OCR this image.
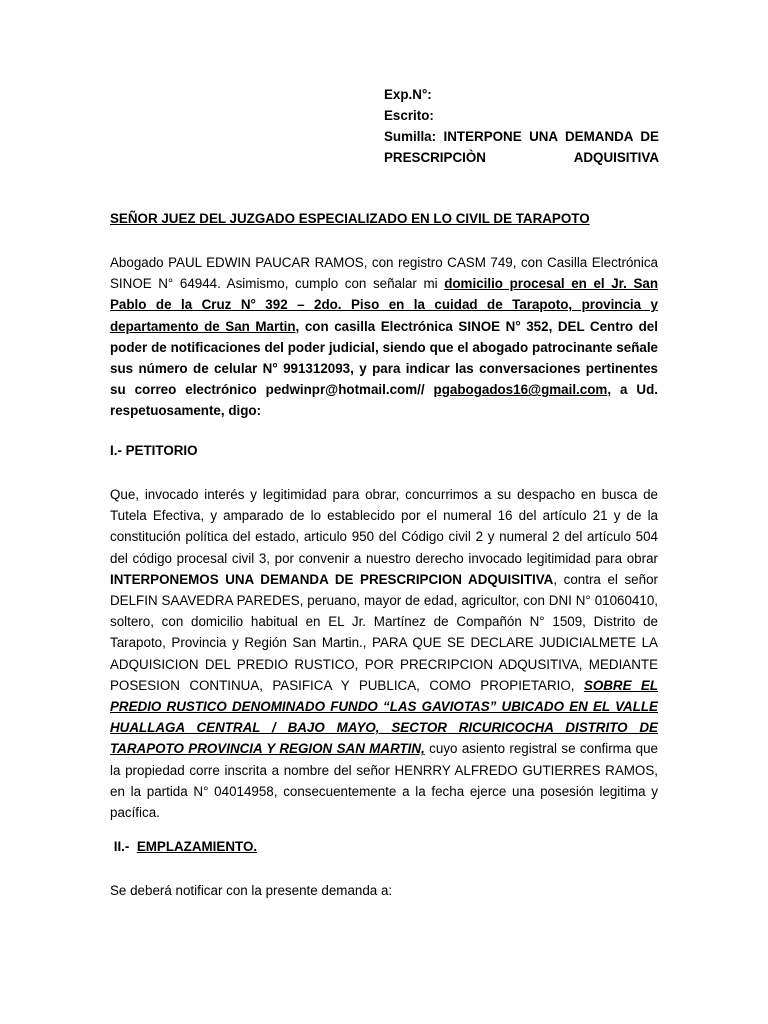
Exp.N°:
Escrito:
Sumilla: INTERPONE UNA DEMANDA DE
PRESCRIPCIÒN ADQUISITIVA

SEÑOR JUEZ DEL JUZGADO ESPECIALIZADO EN LO CIVIL DE TARAPOTO

Abogado PAUL EDWIN PAUCAR RAMOS, con registro CASM 749, con Casilla Electrónica SINOE N° 64944. Asimismo, cumplo con señalar mi domicilio procesal en el Jr. San Pablo de la Cruz N° 392 – 2do. Piso en la cuidad de Tarapoto, provincia y departamento de San Martin, con casilla Electrónica SINOE N° 352, DEL Centro del poder de notificaciones del poder judicial, siendo que el abogado patrocinante señale sus número de celular N° 991312093, y para indicar las conversaciones pertinentes su correo electrónico pedwinpr@hotmail.com// pgabogados16@gmail.com, a Ud. respetuosamente, digo:

I.- PETITORIO

Que, invocado interés y legitimidad para obrar, concurrimos a su despacho en busca de Tutela Efectiva, y amparado de lo establecido por el numeral 16 del artículo 21 y de la constitución política del estado, articulo 950 del Código civil 2 y numeral 2 del artículo 504 del código procesal civil 3, por convenir a nuestro derecho invocado legitimidad para obrar INTERPONEMOS UNA DEMANDA DE PRESCRIPCION ADQUISITIVA, contra el señor DELFIN SAAVEDRA PAREDES, peruano, mayor de edad, agricultor, con DNI N° 01060410, soltero, con domicilio habitual en EL Jr. Martínez de Compañón N° 1509, Distrito de Tarapoto, Provincia y Región San Martin., PARA QUE SE DECLARE JUDICIALMETE LA ADQUISICION DEL PREDIO RUSTICO, POR PRECRIPCION ADQUSITIVA, MEDIANTE POSESION CONTINUA, PASIFICA Y PUBLICA, COMO PROPIETARIO, SOBRE EL PREDIO RUSTICO DENOMINADO FUNDO “LAS GAVIOTAS” UBICADO EN EL VALLE HUALLAGA CENTRAL / BAJO MAYO, SECTOR RICURICOCHA DISTRITO DE TARAPOTO PROVINCIA Y REGION SAN MARTIN, cuyo asiento registral se confirma que la propiedad corre inscrita a nombre del señor HENRRY ALFREDO GUTIERRES RAMOS, en la partida N° 04014958, consecuentemente a la fecha ejerce una posesión legitima y pacífica.

II.- EMPLAZAMIENTO.

Se deberá notificar con la presente demanda a:
